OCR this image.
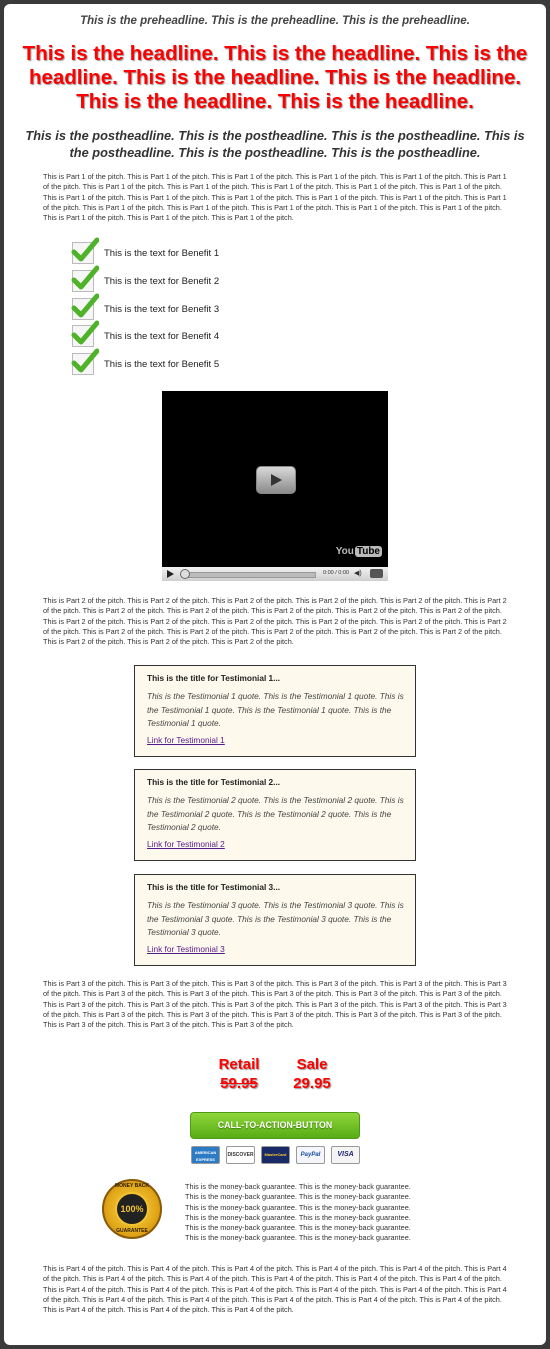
This is the preheadline. This is the preheadline. This is the preheadline.
This is the headline. This is the headline. This is the headline. This is the headline. This is the headline. This is the headline. This is the headline.
This is the postheadline. This is the postheadline. This is the postheadline. This is the postheadline. This is the postheadline. This is the postheadline.
This is Part 1 of the pitch. This is Part 1 of the pitch. This is Part 1 of the pitch. This is Part 1 of the pitch. This is Part 1 of the pitch. This is Part 1 of the pitch. This is Part 1 of the pitch. This is Part 1 of the pitch. This is Part 1 of the pitch. This is Part 1 of the pitch. This is Part 1 of the pitch. This is Part 1 of the pitch. This is Part 1 of the pitch. This is Part 1 of the pitch. This is Part 1 of the pitch. This is Part 1 of the pitch. This is Part 1 of the pitch. This is Part 1 of the pitch. This is Part 1 of the pitch. This is Part 1 of the pitch. This is Part 1 of the pitch. This is Part 1 of the pitch. This is Part 1 of the pitch. This is Part 1 of the pitch. This is Part 1 of the pitch.
This is the text for Benefit 1
This is the text for Benefit 2
This is the text for Benefit 3
This is the text for Benefit 4
This is the text for Benefit 5
You Tube
0:00 / 0:00 ◀︎)
This is Part 2 of the pitch. This is Part 2 of the pitch. This is Part 2 of the pitch. This is Part 2 of the pitch. This is Part 2 of the pitch. This is Part 2 of the pitch. This is Part 2 of the pitch. This is Part 2 of the pitch. This is Part 2 of the pitch. This is Part 2 of the pitch. This is Part 2 of the pitch. This is Part 2 of the pitch. This is Part 2 of the pitch. This is Part 2 of the pitch. This is Part 2 of the pitch. This is Part 2 of the pitch. This is Part 2 of the pitch. This is Part 2 of the pitch. This is Part 2 of the pitch. This is Part 2 of the pitch. This is Part 2 of the pitch. This is Part 2 of the pitch. This is Part 2 of the pitch. This is Part 2 of the pitch. This is Part 2 of the pitch.
This is the title for Testimonial 1...
This is the Testimonial 1 quote. This is the Testimonial 1 quote. This is the Testimonial 1 quote. This is the Testimonial 1 quote. This is the Testimonial 1 quote.
Link for Testimonial 1
This is the title for Testimonial 2...
This is the Testimonial 2 quote. This is the Testimonial 2 quote. This is the Testimonial 2 quote. This is the Testimonial 2 quote. This is the Testimonial 2 quote.
Link for Testimonial 2
This is the title for Testimonial 3...
This is the Testimonial 3 quote. This is the Testimonial 3 quote. This is the Testimonial 3 quote. This is the Testimonial 3 quote. This is the Testimonial 3 quote.
Link for Testimonial 3
This is Part 3 of the pitch. This is Part 3 of the pitch. This is Part 3 of the pitch. This is Part 3 of the pitch. This is Part 3 of the pitch. This is Part 3 of the pitch. This is Part 3 of the pitch. This is Part 3 of the pitch. This is Part 3 of the pitch. This is Part 3 of the pitch. This is Part 3 of the pitch. This is Part 3 of the pitch. This is Part 3 of the pitch. This is Part 3 of the pitch. This is Part 3 of the pitch. This is Part 3 of the pitch. This is Part 3 of the pitch. This is Part 3 of the pitch. This is Part 3 of the pitch. This is Part 3 of the pitch. This is Part 3 of the pitch. This is Part 3 of the pitch. This is Part 3 of the pitch. This is Part 3 of the pitch. This is Part 3 of the pitch.
Retail
59.95
Sale
29.95
CALL-TO-ACTION-BUTTON
AMERICAN EXPRESS
DISCOVER	MasterCard	PayPal	VISA
MONEY BACK
100%
GUARANTEE
This is the money-back guarantee. This is the money-back guarantee.
This is the money-back guarantee. This is the money-back guarantee.
This is the money-back guarantee. This is the money-back guarantee.
This is the money-back guarantee. This is the money-back guarantee.
This is the money-back guarantee. This is the money-back guarantee.
This is the money-back guarantee. This is the money-back guarantee.
This is Part 4 of the pitch. This is Part 4 of the pitch. This is Part 4 of the pitch. This is Part 4 of the pitch. This is Part 4 of the pitch. This is Part 4 of the pitch. This is Part 4 of the pitch. This is Part 4 of the pitch. This is Part 4 of the pitch. This is Part 4 of the pitch. This is Part 4 of the pitch. This is Part 4 of the pitch. This is Part 4 of the pitch. This is Part 4 of the pitch. This is Part 4 of the pitch. This is Part 4 of the pitch. This is Part 4 of the pitch. This is Part 4 of the pitch. This is Part 4 of the pitch. This is Part 4 of the pitch. This is Part 4 of the pitch. This is Part 4 of the pitch. This is Part 4 of the pitch. This is Part 4 of the pitch. This is Part 4 of the pitch.
